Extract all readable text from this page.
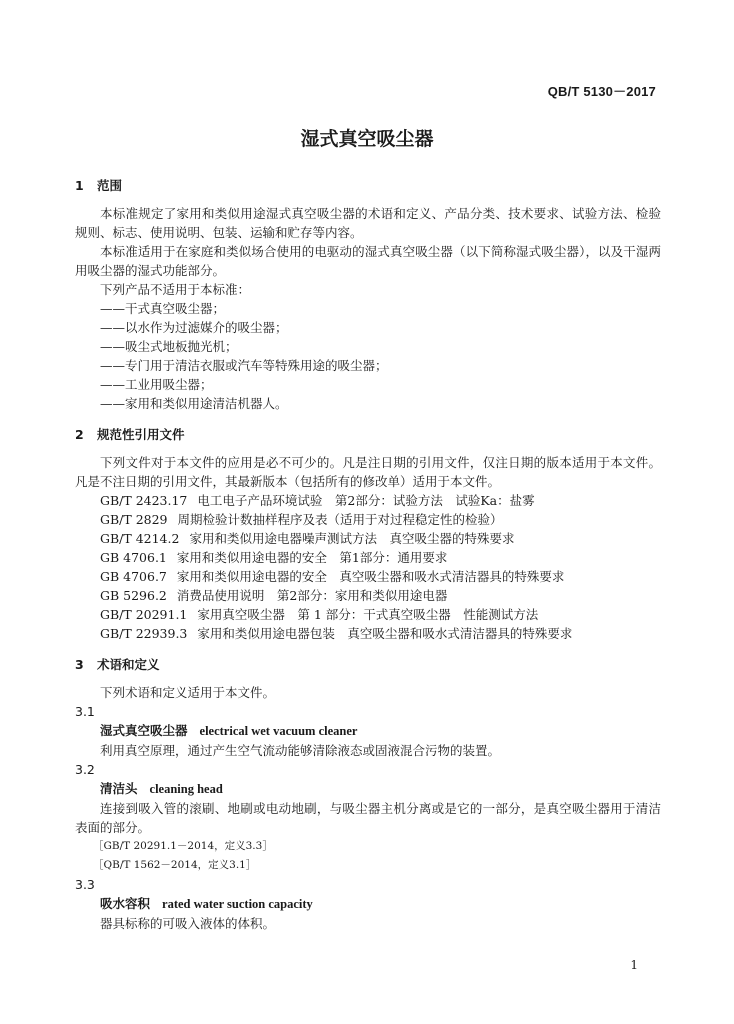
QB/T 5130－2017
湿式真空吸尘器

1 范围

本标准规定了家用和类似用途湿式真空吸尘器的术语和定义、产品分类、技术要求、试验方法、检验规则、标志、使用说明、包装、运输和贮存等内容。

本标准适用于在家庭和类似场合使用的电驱动的湿式真空吸尘器（以下简称湿式吸尘器），以及干湿两用吸尘器的湿式功能部分。

下列产品不适用于本标准：

——干式真空吸尘器；

——以水作为过滤媒介的吸尘器；

——吸尘式地板抛光机；

——专门用于清洁衣服或汽车等特殊用途的吸尘器；

——工业用吸尘器；

——家用和类似用途清洁机器人。

2 规范性引用文件

下列文件对于本文件的应用是必不可少的。凡是注日期的引用文件，仅注日期的版本适用于本文件。凡是不注日期的引用文件，其最新版本（包括所有的修改单）适用于本文件。

GB/T 2423.17 电工电子产品环境试验　第2部分：试验方法　试验Ka：盐雾

GB/T 2829 周期检验计数抽样程序及表（适用于对过程稳定性的检验）

GB/T 4214.2 家用和类似用途电器噪声测试方法　真空吸尘器的特殊要求

GB 4706.1 家用和类似用途电器的安全　第1部分：通用要求

GB 4706.7 家用和类似用途电器的安全　真空吸尘器和吸水式清洁器具的特殊要求

GB 5296.2 消费品使用说明　第2部分：家用和类似用途电器

GB/T 20291.1 家用真空吸尘器　第 1 部分：干式真空吸尘器　性能测试方法

GB/T 22939.3 家用和类似用途电器包装　真空吸尘器和吸水式清洁器具的特殊要求

3 术语和定义

下列术语和定义适用于本文件。

3.1

湿式真空吸尘器 electrical wet vacuum cleaner

利用真空原理，通过产生空气流动能够清除液态或固液混合污物的装置。

3.2

清洁头 cleaning head

连接到吸入管的滚刷、地刷或电动地刷，与吸尘器主机分离或是它的一部分，是真空吸尘器用于清洁表面的部分。

［GB/T 20291.1－2014，定义3.3］

［QB/T 1562－2014，定义3.1］

3.3

吸水容积 rated water suction capacity

器具标称的可吸入液体的体积。

1
